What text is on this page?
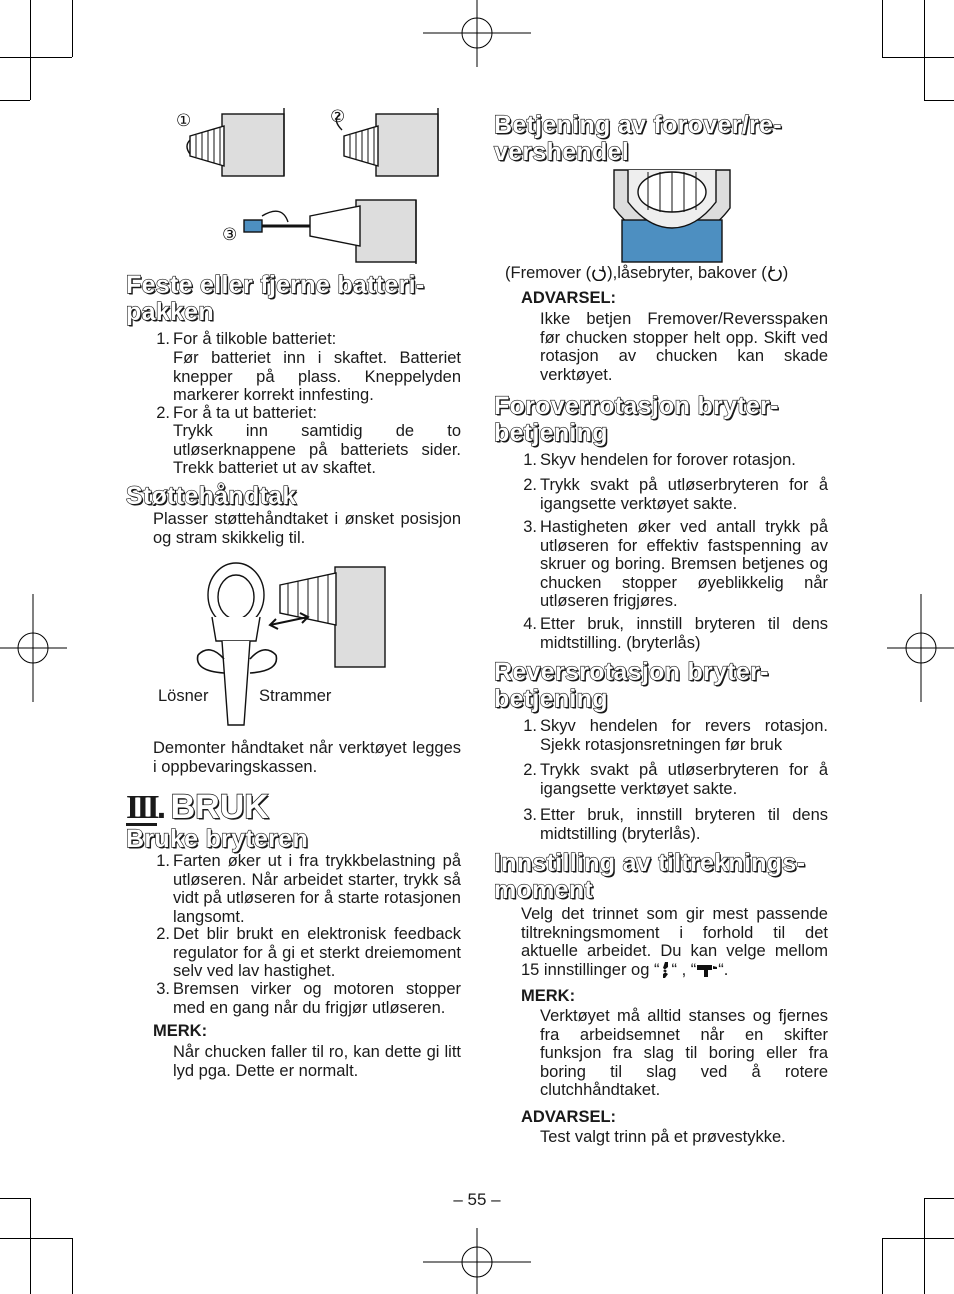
①	②
③
Feste eller fjerne batteri-
pakken
1. For å tilkoble batteriet:
Før batteriet inn i skaftet. Batteriet knepper på plass. Kneppelyden markerer korrekt innfesting.
2. For å ta ut batteriet:
Trykk inn samtidig de to utløserknappene på batteriets sider. Trekk batteriet ut av skaftet.
Støttehåndtak
Plasser støttehåndtaket i ønsket posisjon og stram skikkelig til.
Lösner	Strammer
Demonter håndtaket når verktøyet legges i oppbevaringskassen.
III. BRUK
Bruke bryteren
1. Farten øker ut i fra trykkbelastning på utløseren. Når arbeidet starter, trykk så vidt på utløseren for å starte rotasjonen langsomt.
2. Det blir brukt en elektronisk feedback regulator for å gi et sterkt dreiemoment selv ved lav hastighet.
3. Bremsen virker og motoren stopper med en gang når du frigjør utløseren.
MERK:
Når chucken faller til ro, kan dette gi litt lyd pga. Dette er normalt.
Betjening av forover/re-
vershendel
(Fremover ( ),låsebryter, bakover ( )
ADVARSEL:
Ikke betjen Fremover/Reversspaken før chucken stopper helt opp. Skift ved rotasjon av chucken kan skade verktøyet.
Foroverrotasjon bryter-
betjening
1. Skyv hendelen for forover rotasjon.
2. Trykk svakt på utløserbryteren for å igangsette verktøyet sakte.
3. Hastigheten øker ved antall trykk på utløseren for effektiv fastspenning av skruer og boring. Bremsen betjenes og chucken stopper øyeblikkelig når utløseren frigjøres.
4. Etter bruk, innstill bryteren til dens midtstilling. (bryterlås)
Reversrotasjon bryter-
betjening
1. Skyv hendelen for revers rotasjon. Sjekk rotasjonsretningen før bruk
2. Trykk svakt på utløserbryteren for å igangsette verktøyet sakte.
3. Etter bruk, innstill bryteren til dens midtstilling (bryterlås).
Innstilling av tiltreknings-
moment
Velg det trinnet som gir mest passende tiltrekningsmoment i forhold til det aktuelle arbeidet. Du kan velge mellom 15 innstillinger og “ “ , “ “.
MERK:
Verktøyet må alltid stanses og fjernes fra arbeidsemnet når en skifter funksjon fra slag til boring eller fra boring til slag ved å rotere clutchhåndtaket.
ADVARSEL:
Test valgt trinn på et prøvestykke.
– 55 –
